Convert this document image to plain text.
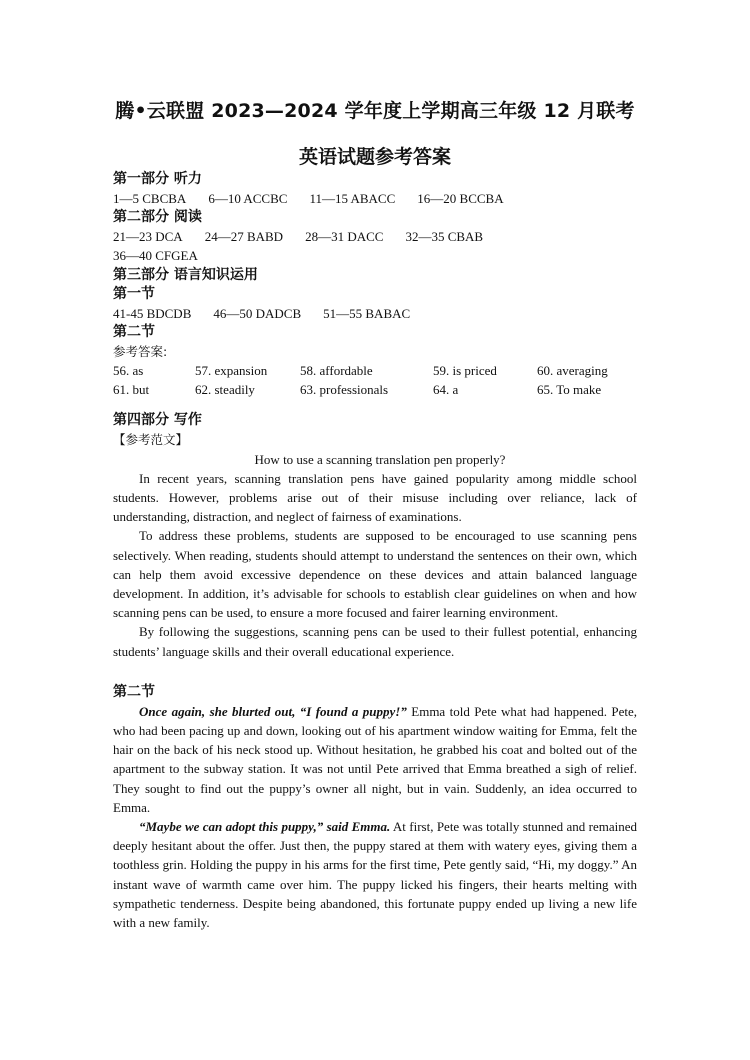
腾•云联盟 2023—2024 学年度上学期高三年级 12 月联考
英语试题参考答案

第一部分 听力

1—5 CBCBA 6—10 ACCBC 11—15 ABACC 16—20 BCCBA

第二部分 阅读

21—23 DCA 24—27 BABD 28—31 DACC 32—35 CBAB

36—40 CFGEA

第三部分 语言知识运用

第一节

41-45 BDCDB 46—50 DADCB 51—55 BABAC

第二节

参考答案:

56. as	57. expansion	58. affordable	59. is priced	60. averaging
61. but	62. steadily	63. professionals	64. a	65. To make

第四部分 写作

【参考范文】

How to use a scanning translation pen properly?

In recent years, scanning translation pens have gained popularity among middle school students. However, problems arise out of their misuse including over reliance, lack of understanding, distraction, and neglect of fairness of examinations.

To address these problems, students are supposed to be encouraged to use scanning pens selectively. When reading, students should attempt to understand the sentences on their own, which can help them avoid excessive dependence on these devices and attain balanced language development. In addition, it’s advisable for schools to establish clear guidelines on when and how scanning pens can be used, to ensure a more focused and fairer learning environment.

By following the suggestions, scanning pens can be used to their fullest potential, enhancing students’ language skills and their overall educational experience.

第二节

Once again, she blurted out, “I found a puppy!” Emma told Pete what had happened. Pete, who had been pacing up and down, looking out of his apartment window waiting for Emma, felt the hair on the back of his neck stood up. Without hesitation, he grabbed his coat and bolted out of the apartment to the subway station. It was not until Pete arrived that Emma breathed a sigh of relief. They sought to find out the puppy’s owner all night, but in vain. Suddenly, an idea occurred to Emma.

“Maybe we can adopt this puppy,” said Emma. At first, Pete was totally stunned and remained deeply hesitant about the offer. Just then, the puppy stared at them with watery eyes, giving them a toothless grin. Holding the puppy in his arms for the first time, Pete gently said, “Hi, my doggy.” An instant wave of warmth came over him. The puppy licked his fingers, their hearts melting with sympathetic tenderness. Despite being abandoned, this fortunate puppy ended up living a new life with a new family.
